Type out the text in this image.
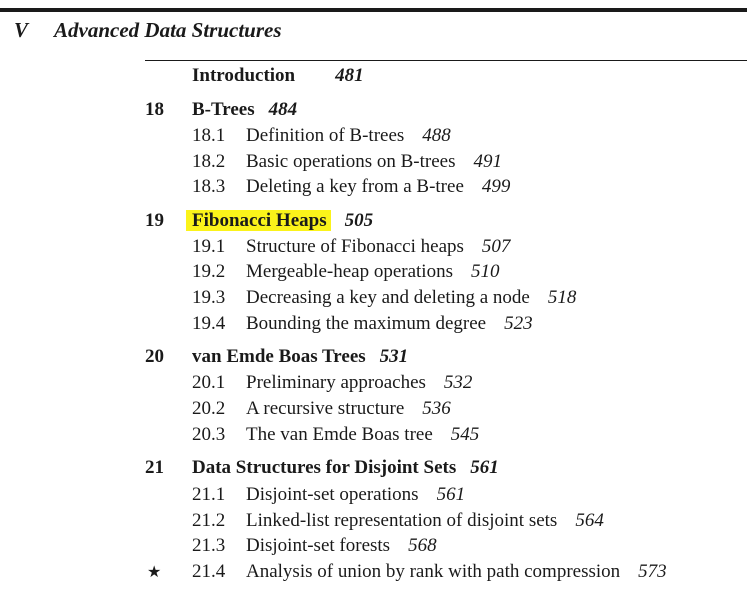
V Advanced Data Structures
Introduction 481
18 B-Trees 484
18.1 Definition of B-trees 488
18.2 Basic operations on B-trees 491
18.3 Deleting a key from a B-tree 499
19 Fibonacci Heaps 505
19.1 Structure of Fibonacci heaps 507
19.2 Mergeable-heap operations 510
19.3 Decreasing a key and deleting a node 518
19.4 Bounding the maximum degree 523
20 van Emde Boas Trees 531
20.1 Preliminary approaches 532
20.2 A recursive structure 536
20.3 The van Emde Boas tree 545
21 Data Structures for Disjoint Sets 561
21.1 Disjoint-set operations 561
21.2 Linked-list representation of disjoint sets 564
21.3 Disjoint-set forests 568
★ 21.4 Analysis of union by rank with path compression 573
